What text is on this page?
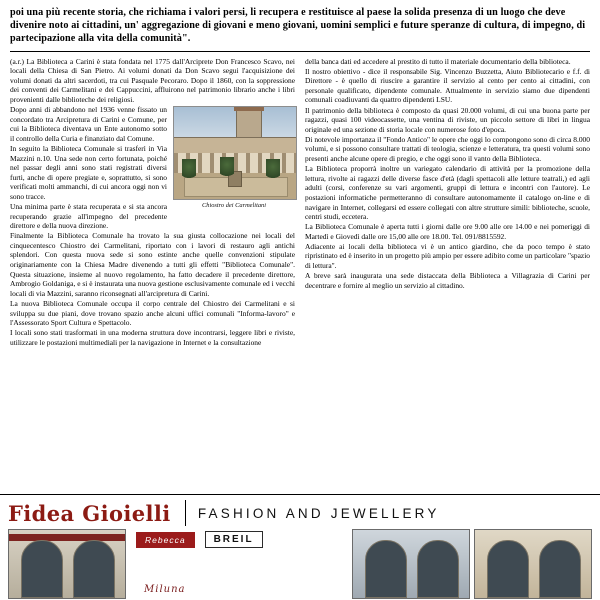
poi una più recente storia, che richiama i valori persi, li recupera e restituisce al paese la solida presenza di un luogo che deve divenire noto ai cittadini, un' aggregazione di giovani e meno giovani, uomini semplici e future speranze di cultura, di impegno, di partecipazione alla vita della comunità".

(a.r.) La Biblioteca a Carini è stata fondata nel 1775 dall'Arciprete Don Francesco Scavo, nei locali della Chiesa di San Pietro. Ai volumi donati da Don Scavo segui l'acquisizione dei volumi donati da altri sacerdoti, tra cui Pasquale Pecoraro. Dopo il 1860, con la soppressione dei conventi dei Carmelitani e dei Cappuccini, affluirono nel patrimonio librario anche i libri provenienti dalle biblioteche dei religiosi.

Chiostro dei Carmelitani

Dopo anni di abbandono nel 1936 venne fissato un concordato tra Arcipretura di Carini e Comune, per cui la Biblioteca diventava un Ente autonomo sotto il controllo della Curia e finanziato dal Comune.

In seguito la Biblioteca Comunale si trasferì in Via Mazzini n.10. Una sede non certo fortunata, poiché nel passar degli anni sono stati registrati diversi furti, anche di opere pregiate e, soprattutto, si sono verificati molti ammanchi, di cui ancora oggi non vi sono tracce.

Una minima parte è stata recuperata e si sta ancora recuperando grazie all'impegno del precedente direttore e della nuova direzione.

Finalmente la Biblioteca Comunale ha trovato la sua giusta collocazione nei locali del cinquecentesco Chiostro dei Carmelitani, riportato con i lavori di restauro agli antichi splendori. Con questa nuova sede si sono estinte anche quelle convenzioni stipulate originariamente con la Chiesa Madre divenendo a tutti gli effetti "Biblioteca Comunale". Questa situazione, insieme al nuovo regolamento, ha fatto decadere il precedente direttore, Ambrogio Goldaniga, e si è instaurata una nuova gestione esclusivamente comunale ed i vecchi locali di via Mazzini, saranno riconsegnati all'arcipretura di Carini.

La nuova Biblioteca Comunale occupa il corpo centrale del Chiostro dei Carmelitani e si sviluppa su due piani, dove trovano spazio anche alcuni uffici comunali "Informa-lavoro" e l'Assessorato Sport Cultura e Spettacolo.

I locali sono stati trasformati in una moderna struttura dove incontrarsi, leggere libri e riviste, utilizzare le postazioni multimediali per la navigazione in Internet e la consultazione

della banca dati ed accedere al prestito di tutto il materiale documentario della biblioteca.

Il nostro obiettivo - dice il responsabile Sig. Vincenzo Buzzetta, Aiuto Bibliotecario e f.f. di Direttore - è quello di riuscire a garantire il servizio al cento per cento ai cittadini, con personale qualificato, dipendente comunale. Attualmente in servizio siamo due dipendenti comunali coadiuvanti da quattro dipendenti LSU.

Il patrimonio della biblioteca è composto da quasi 20.000 volumi, di cui una buona parte per ragazzi, quasi 100 videocassette, una ventina di riviste, un piccolo settore di libri in lingua originale ed una sezione di storia locale con numerose foto d'epoca.

Di notevole importanza il "Fondo Antico" le opere che oggi lo compongono sono di circa 8.000 volumi, e si possono consultare trattati di teologia, scienze e letteratura, tra questi volumi sono presenti anche alcune opere di pregio, e che oggi sono il vanto della Biblioteca.

La Biblioteca proporrà inoltre un variegato calendario di attività per la promozione della lettura, rivolte ai ragazzi delle diverse fasce d'età (dagli spettacoli alle letture teatrali,) ed agli adulti (corsi, conferenze su vari argomenti, gruppi di lettura e incontri con l'autore). Le postazioni informatiche permetteranno di consultare autonomamente il catalogo on-line e di navigare in Internet, collegarsi ed essere collegati con altre strutture simili: biblioteche, scuole, centri studi, eccetera.

La Biblioteca Comunale è aperta tutti i giorni dalle ore 9.00 alle ore 14.00 e nei pomeriggi di Martedì e Giovedì dalle ore 15,00 alle ore 18.00. Tel. 091/8815592.

Adiacente ai locali della biblioteca vi è un antico giardino, che da poco tempo è stato ripristinato ed è inserito in un progetto più ampio per essere adibito come un particolare "spazio di lettura".

A breve sarà inaugurata una sede distaccata della Biblioteca a Villagrazia di Carini per decentrare e fornire al meglio un servizio al cittadino.

Fidea Gioielli FASHION AND JEWELLERY
Rebecca	BREIL
Miluna
